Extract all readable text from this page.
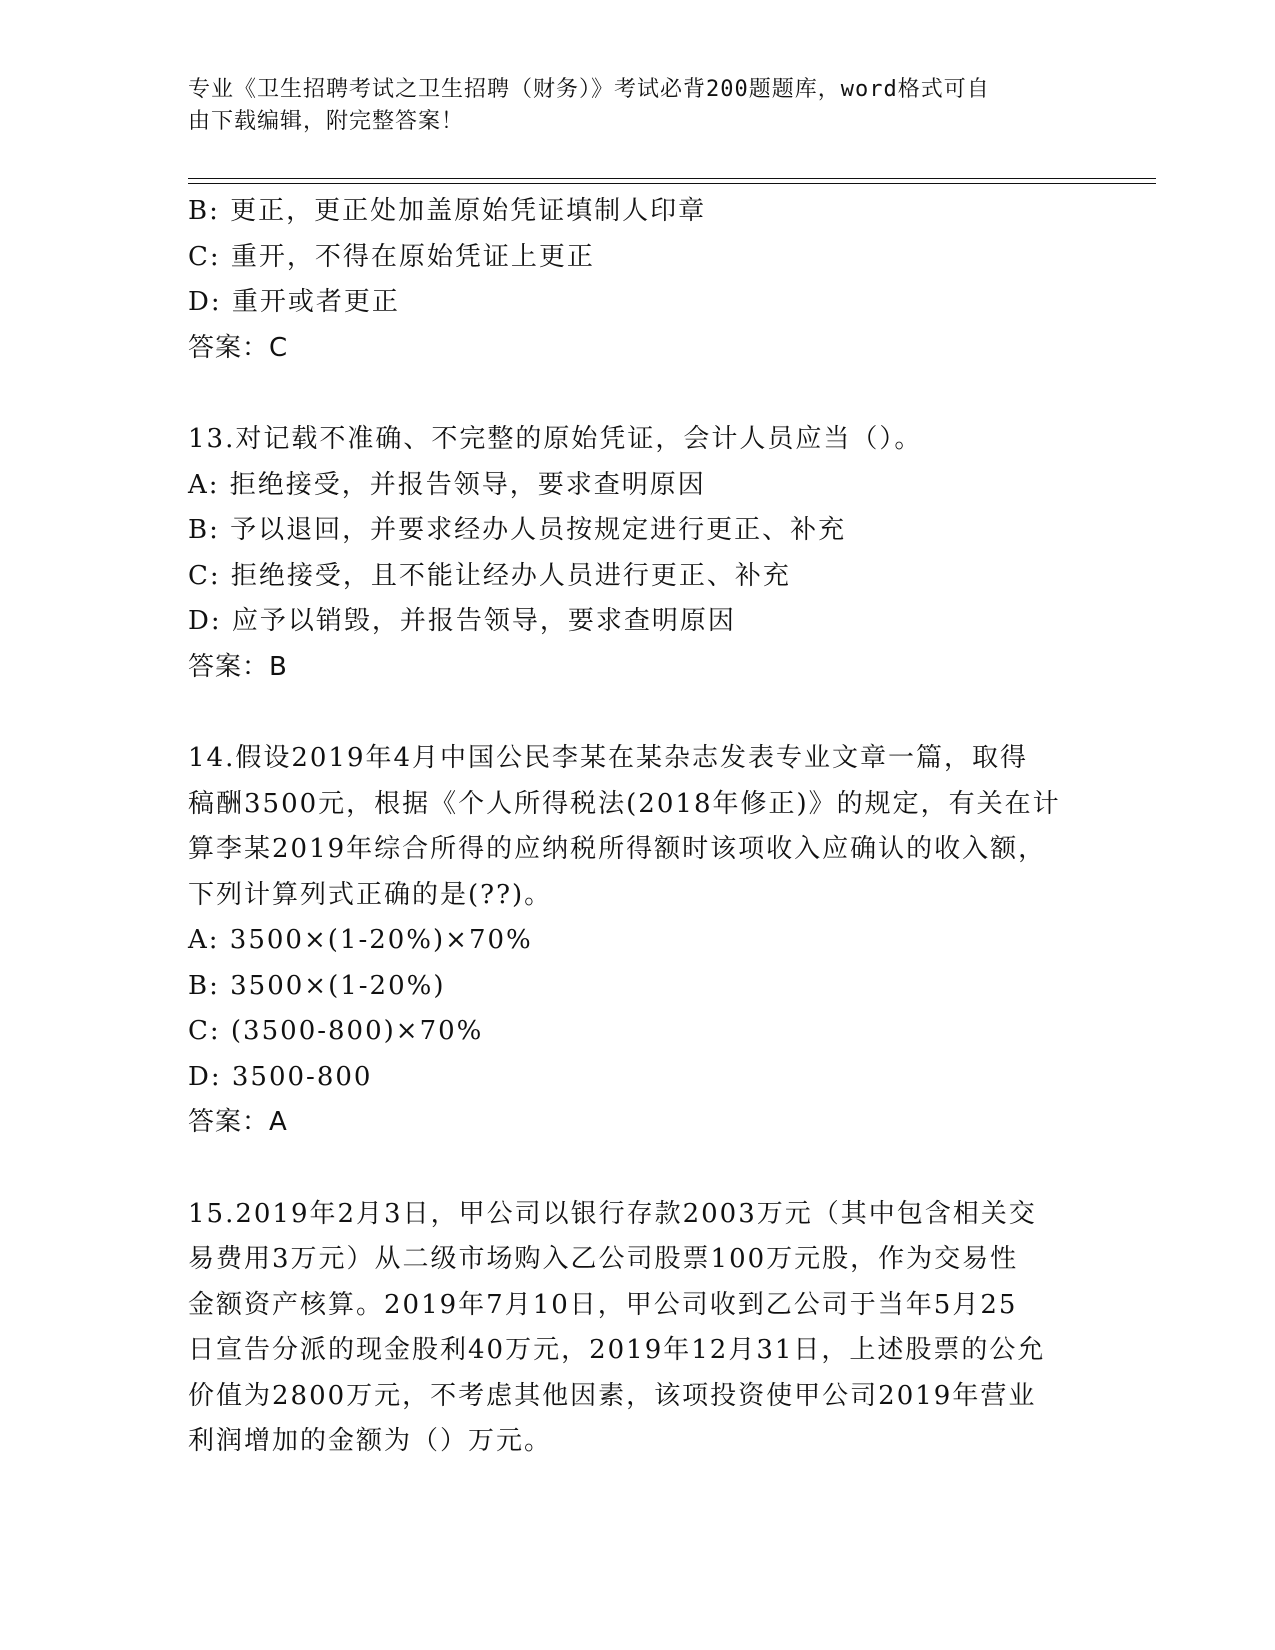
专业《卫生招聘考试之卫生招聘（财务）》考试必背200题题库，word格式可自
由下载编辑，附完整答案！
B: 更正，更正处加盖原始凭证填制人印章
C: 重开，不得在原始凭证上更正
D: 重开或者更正
答案：C
13.对记载不准确、不完整的原始凭证，会计人员应当（）。
A: 拒绝接受，并报告领导，要求查明原因
B: 予以退回，并要求经办人员按规定进行更正、补充
C: 拒绝接受，且不能让经办人员进行更正、补充
D: 应予以销毁，并报告领导，要求查明原因
答案：B
14.假设2019年4月中国公民李某在某杂志发表专业文章一篇，取得
稿酬3500元，根据《个人所得税法(2018年修正)》的规定，有关在计
算李某2019年综合所得的应纳税所得额时该项收入应确认的收入额，
下列计算列式正确的是(??)。
A: 3500×(1-20%)×70%
B: 3500×(1-20%)
C: (3500-800)×70%
D: 3500-800
答案：A
15.2019年2月3日，甲公司以银行存款2003万元（其中包含相关交
易费用3万元）从二级市场购入乙公司股票100万元股，作为交易性
金额资产核算。2019年7月10日，甲公司收到乙公司于当年5月25
日宣告分派的现金股利40万元，2019年12月31日，上述股票的公允
价值为2800万元，不考虑其他因素，该项投资使甲公司2019年营业
利润增加的金额为（）万元。
